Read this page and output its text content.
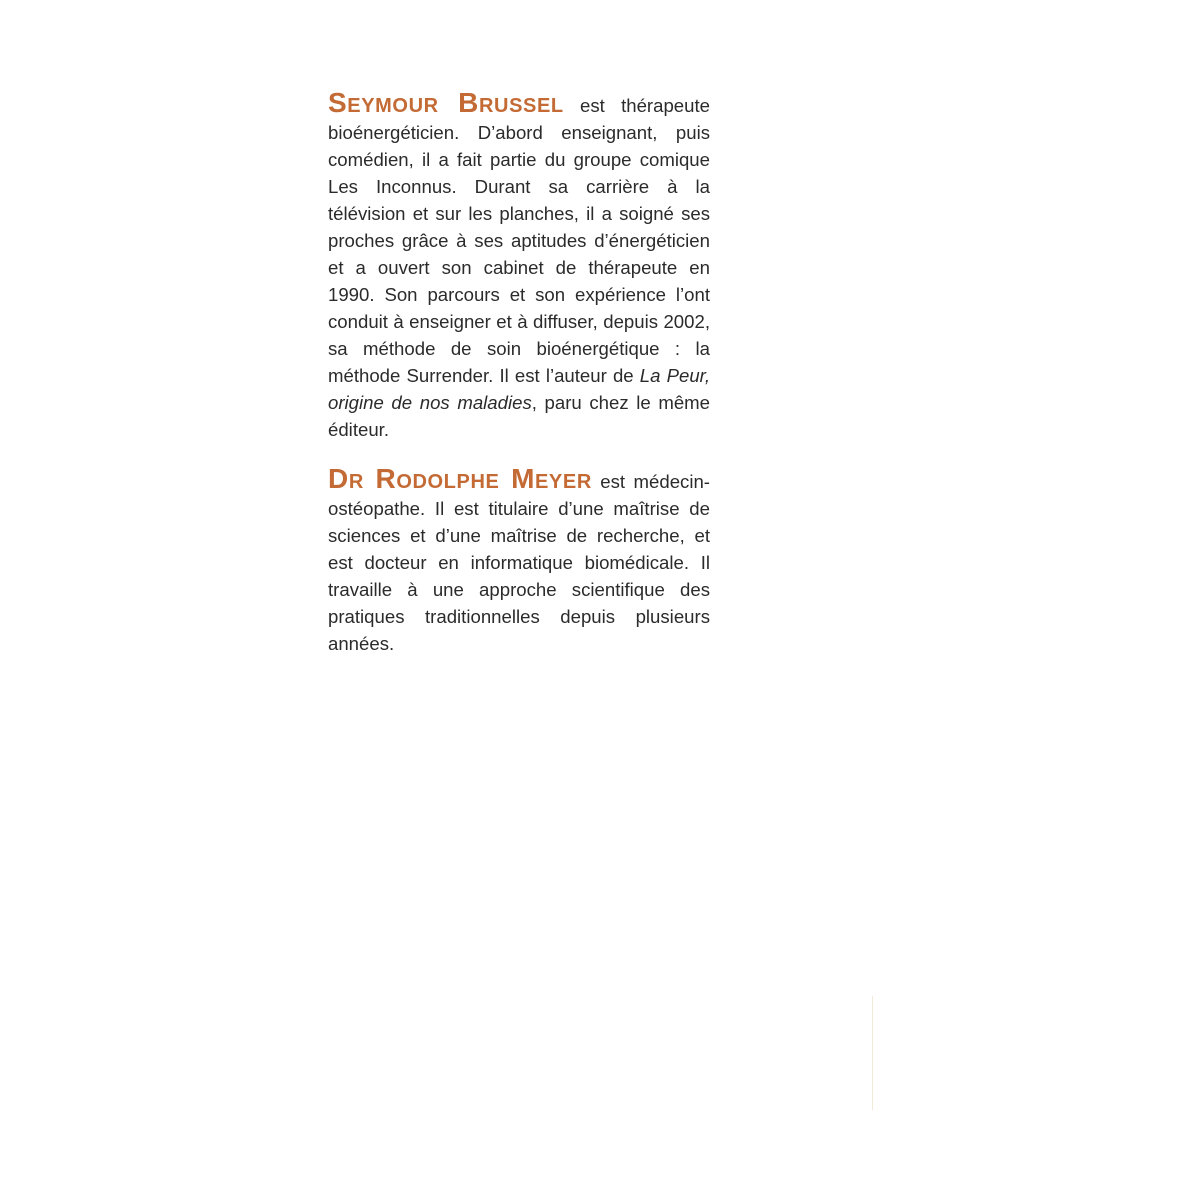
Seymour Brussel est thérapeute bioénergéticien. D’abord enseignant, puis comédien, il a fait partie du groupe comique Les Inconnus. Durant sa carrière à la télévision et sur les planches, il a soigné ses proches grâce à ses aptitudes d’énergéticien et a ouvert son cabinet de thérapeute en 1990. Son parcours et son expérience l’ont conduit à enseigner et à diffuser, depuis 2002, sa méthode de soin bioénergétique : la méthode Surrender. Il est l’auteur de La Peur, origine de nos maladies, paru chez le même éditeur.

Dr Rodolphe Meyer est médecin-ostéopathe. Il est titulaire d’une maîtrise de sciences et d’une maîtrise de recherche, et est docteur en informatique biomédicale. Il travaille à une approche scientifique des pratiques traditionnelles depuis plusieurs années.
